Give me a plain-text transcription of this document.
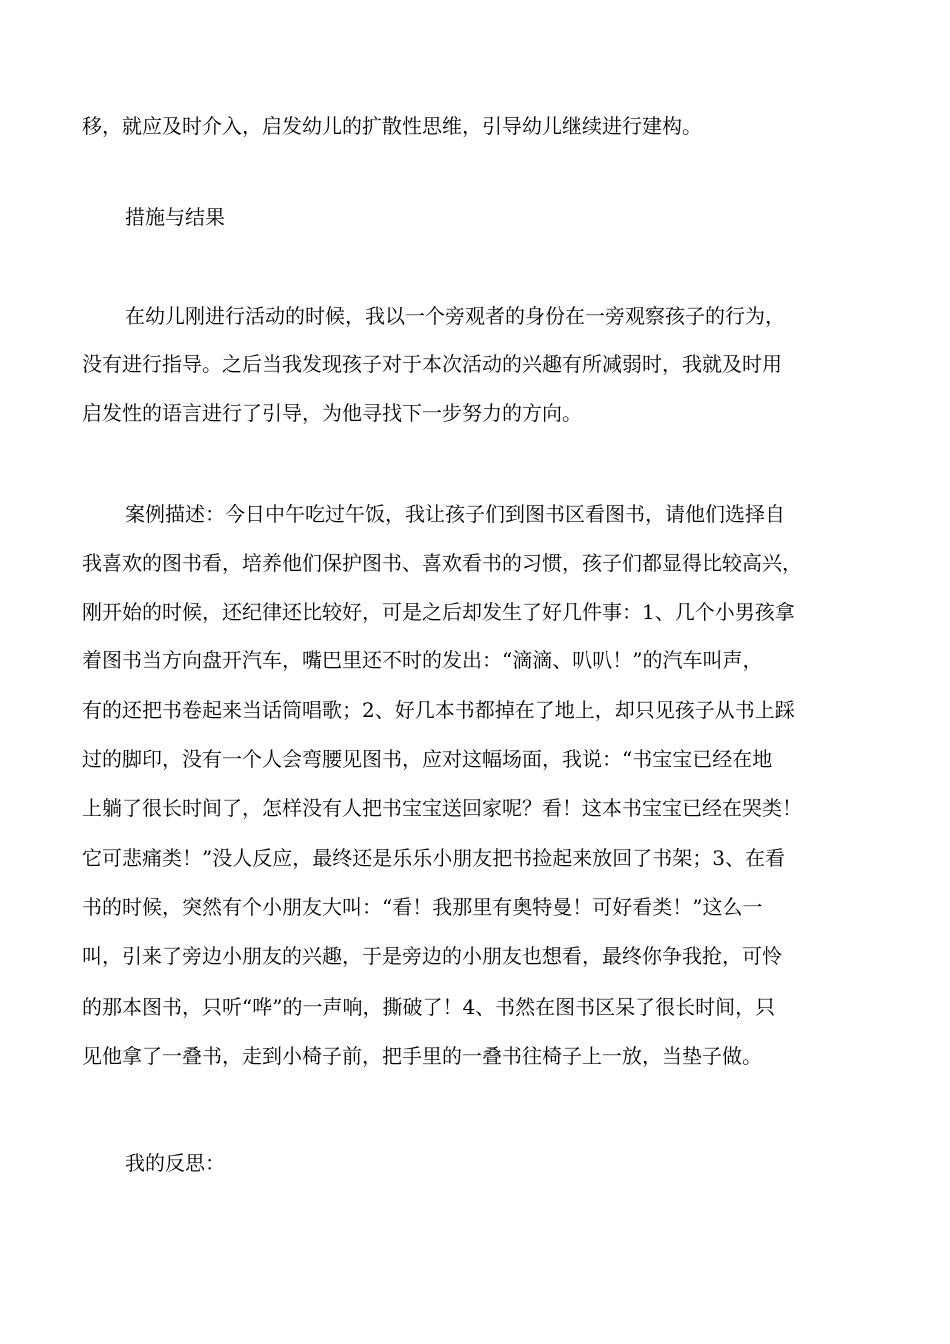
移，就应及时介入，启发幼儿的扩散性思维，引导幼儿继续进行建构。
措施与结果
在幼儿刚进行活动的时候，我以一个旁观者的身份在一旁观察孩子的行为，
没有进行指导。之后当我发现孩子对于本次活动的兴趣有所减弱时，我就及时用
启发性的语言进行了引导，为他寻找下一步努力的方向。
案例描述：今日中午吃过午饭，我让孩子们到图书区看图书，请他们选择自
我喜欢的图书看，培养他们保护图书、喜欢看书的习惯，孩子们都显得比较高兴，
刚开始的时候，还纪律还比较好，可是之后却发生了好几件事：1、几个小男孩拿
着图书当方向盘开汽车，嘴巴里还不时的发出：“滴滴、叭叭！”的汽车叫声，
有的还把书卷起来当话筒唱歌；2、好几本书都掉在了地上，却只见孩子从书上踩
过的脚印，没有一个人会弯腰见图书，应对这幅场面，我说：“书宝宝已经在地
上躺了很长时间了，怎样没有人把书宝宝送回家呢？看！这本书宝宝已经在哭类！
它可悲痛类！”没人反应，最终还是乐乐小朋友把书捡起来放回了书架；3、在看
书的时候，突然有个小朋友大叫：“看！我那里有奥特曼！可好看类！”这么一
叫，引来了旁边小朋友的兴趣，于是旁边的小朋友也想看，最终你争我抢，可怜
的那本图书，只听“哗”的一声响，撕破了！4、书然在图书区呆了很长时间，只
见他拿了一叠书，走到小椅子前，把手里的一叠书往椅子上一放，当垫子做。
我的反思：
